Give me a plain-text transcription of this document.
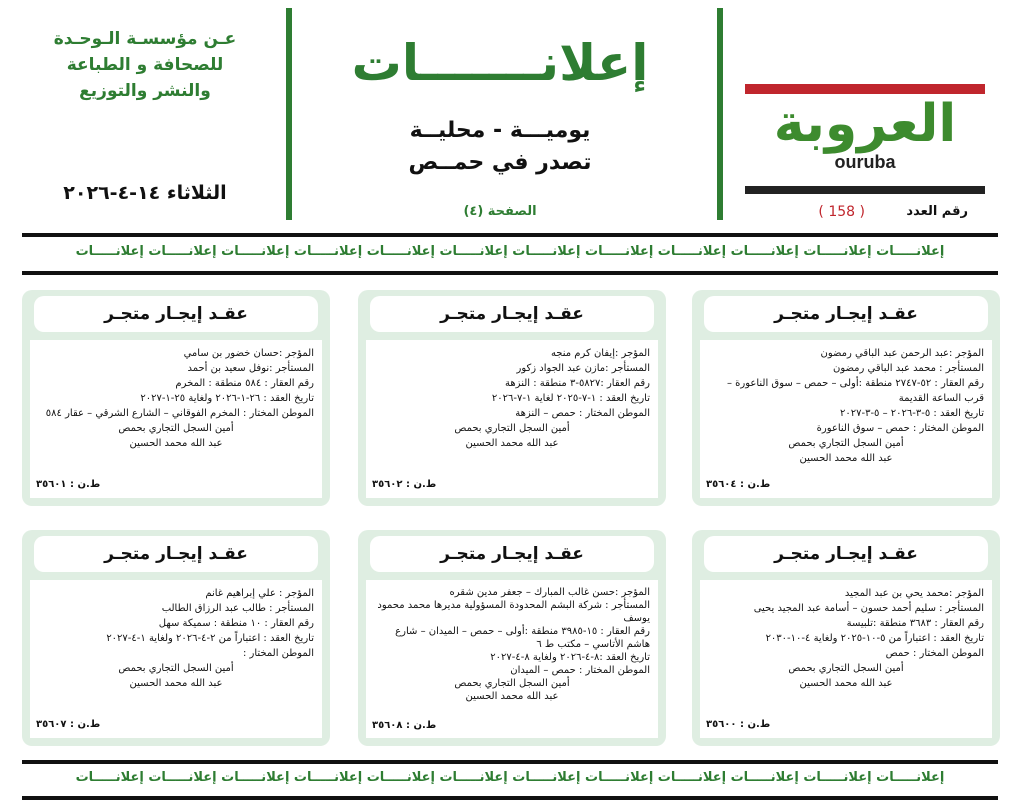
العروبة
ouruba
رقم العدد
( 158 )
إعلانـــــــات
يوميـــة - محليــة
تصدر في حمــص
الصفحة (٤)
عـن مؤسسـة الـوحـدة
للصحافة و الطباعة
والنشر والتوزيع
الثلاثاء ١٤-٤-٢٠٢٦
إعلانـــــات إعلانـــــات إعلانـــــات إعلانـــــات إعلانـــــات إعلانـــــات إعلانـــــات إعلانـــــات إعلانـــــات إعلانـــــات إعلانـــــات إعلانـــــات
عقـد إيجـار متجـر
المؤجر :عبد الرحمن عبد الباقي رمضون
المستأجر : محمد عبد الباقي رمضون
رقم العقار : ٥٢-٢٧٤٧ منطقة :أولى – حمص – سوق الناعورة – قرب الساعة القديمة
تاريخ العقد : ٥-٣-٢٠٢٦ – ٥-٣-٢٠٢٧
الموطن المختار : حمص – سوق الناعورة
أمين السجل التجاري بحمص
عبد الله محمد الحسين
ط.ن : ٣٥٦٠٤
عقـد إيجـار متجـر
المؤجر :إيفان كرم منجه
المستأجر :مازن عبد الجواد زكور
رقم العقار :٥٨٢٧-٣ منطقة : النزهة
تاريخ العقد : ١-٧-٢٠٢٥ لغاية ١-٧-٢٠٢٦
الموطن المختار : حمص – النزهة
أمين السجل التجاري بحمص
عبد الله محمد الحسين
ط.ن : ٣٥٦٠٢
عقـد إيجـار متجـر
المؤجر :حسان خضور بن سامي
المستأجر :نوفل سعيد بن أحمد
رقم العقار : ٥٨٤ منطقة : المخرم
تاريخ العقد : ٢٦-١-٢٠٢٦ ولغاية ٢٥-١-٢٠٢٧
الموطن المختار : المخرم الفوقاني – الشارع الشرقي – عقار ٥٨٤
أمين السجل التجاري بحمص
عبد الله محمد الحسين
ط.ن : ٣٥٦٠١
عقـد إيجـار متجـر
المؤجر :محمد يحي بن عبد المجيد
المستأجر : سليم أحمد حسون – أسامة عبد المجيد يحيى
رقم العقار : ٣٦٨٣ منطقة :تلبيسة
تاريخ العقد : اعتباراً من ٥-١٠-٢٠٢٥ ولغاية ٤-١٠-٢٠٣٠
الموطن المختار : حمص
أمين السجل التجاري بحمص
عبد الله محمد الحسين
ط.ن : ٣٥٦٠٠
عقـد إيجـار متجـر
المؤجر :حسن غالب المبارك – جعفر مدين شقره
المستأجر : شركة البشم المحدودة المسؤولية مديرها محمد محمود يوسف
رقم العقار : ١٥-٣٩٨٥ منطقة :أولى – حمص – الميدان – شارع هاشم الأتاسي – مكتب ط ٦
تاريخ العقد :٨-٤-٢٠٢٦ ولغاية ٨-٤-٢٠٢٧
الموطن المختار : حمص – الميدان
أمين السجل التجاري بحمص
عبد الله محمد الحسين
ط.ن : ٣٥٦٠٨
عقـد إيجـار متجـر
المؤجر : علي إبراهيم غانم
المستأجر : طالب عبد الرزاق الطالب
رقم العقار : ١٠ منطقة : سميكة سهل
تاريخ العقد : اعتباراً من ٢-٤-٢٠٢٦ ولغاية ١-٤-٢٠٢٧
الموطن المختار :
أمين السجل التجاري بحمص
عبد الله محمد الحسين
ط.ن : ٣٥٦٠٧
إعلانـــــات إعلانـــــات إعلانـــــات إعلانـــــات إعلانـــــات إعلانـــــات إعلانـــــات إعلانـــــات إعلانـــــات إعلانـــــات إعلانـــــات إعلانـــــات
